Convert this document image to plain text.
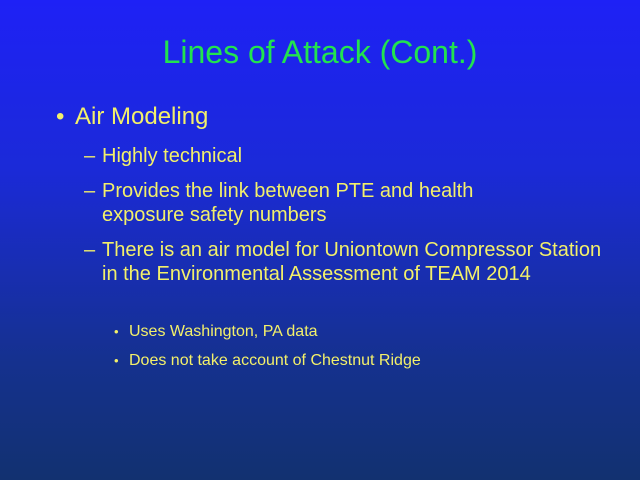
Lines of Attack (Cont.)
• Air Modeling
– Highly technical
– Provides the link between PTE and health exposure safety numbers
– There is an air model for Uniontown Compressor Station in the Environmental Assessment of TEAM 2014
• Uses Washington, PA data
• Does not take account of Chestnut Ridge
